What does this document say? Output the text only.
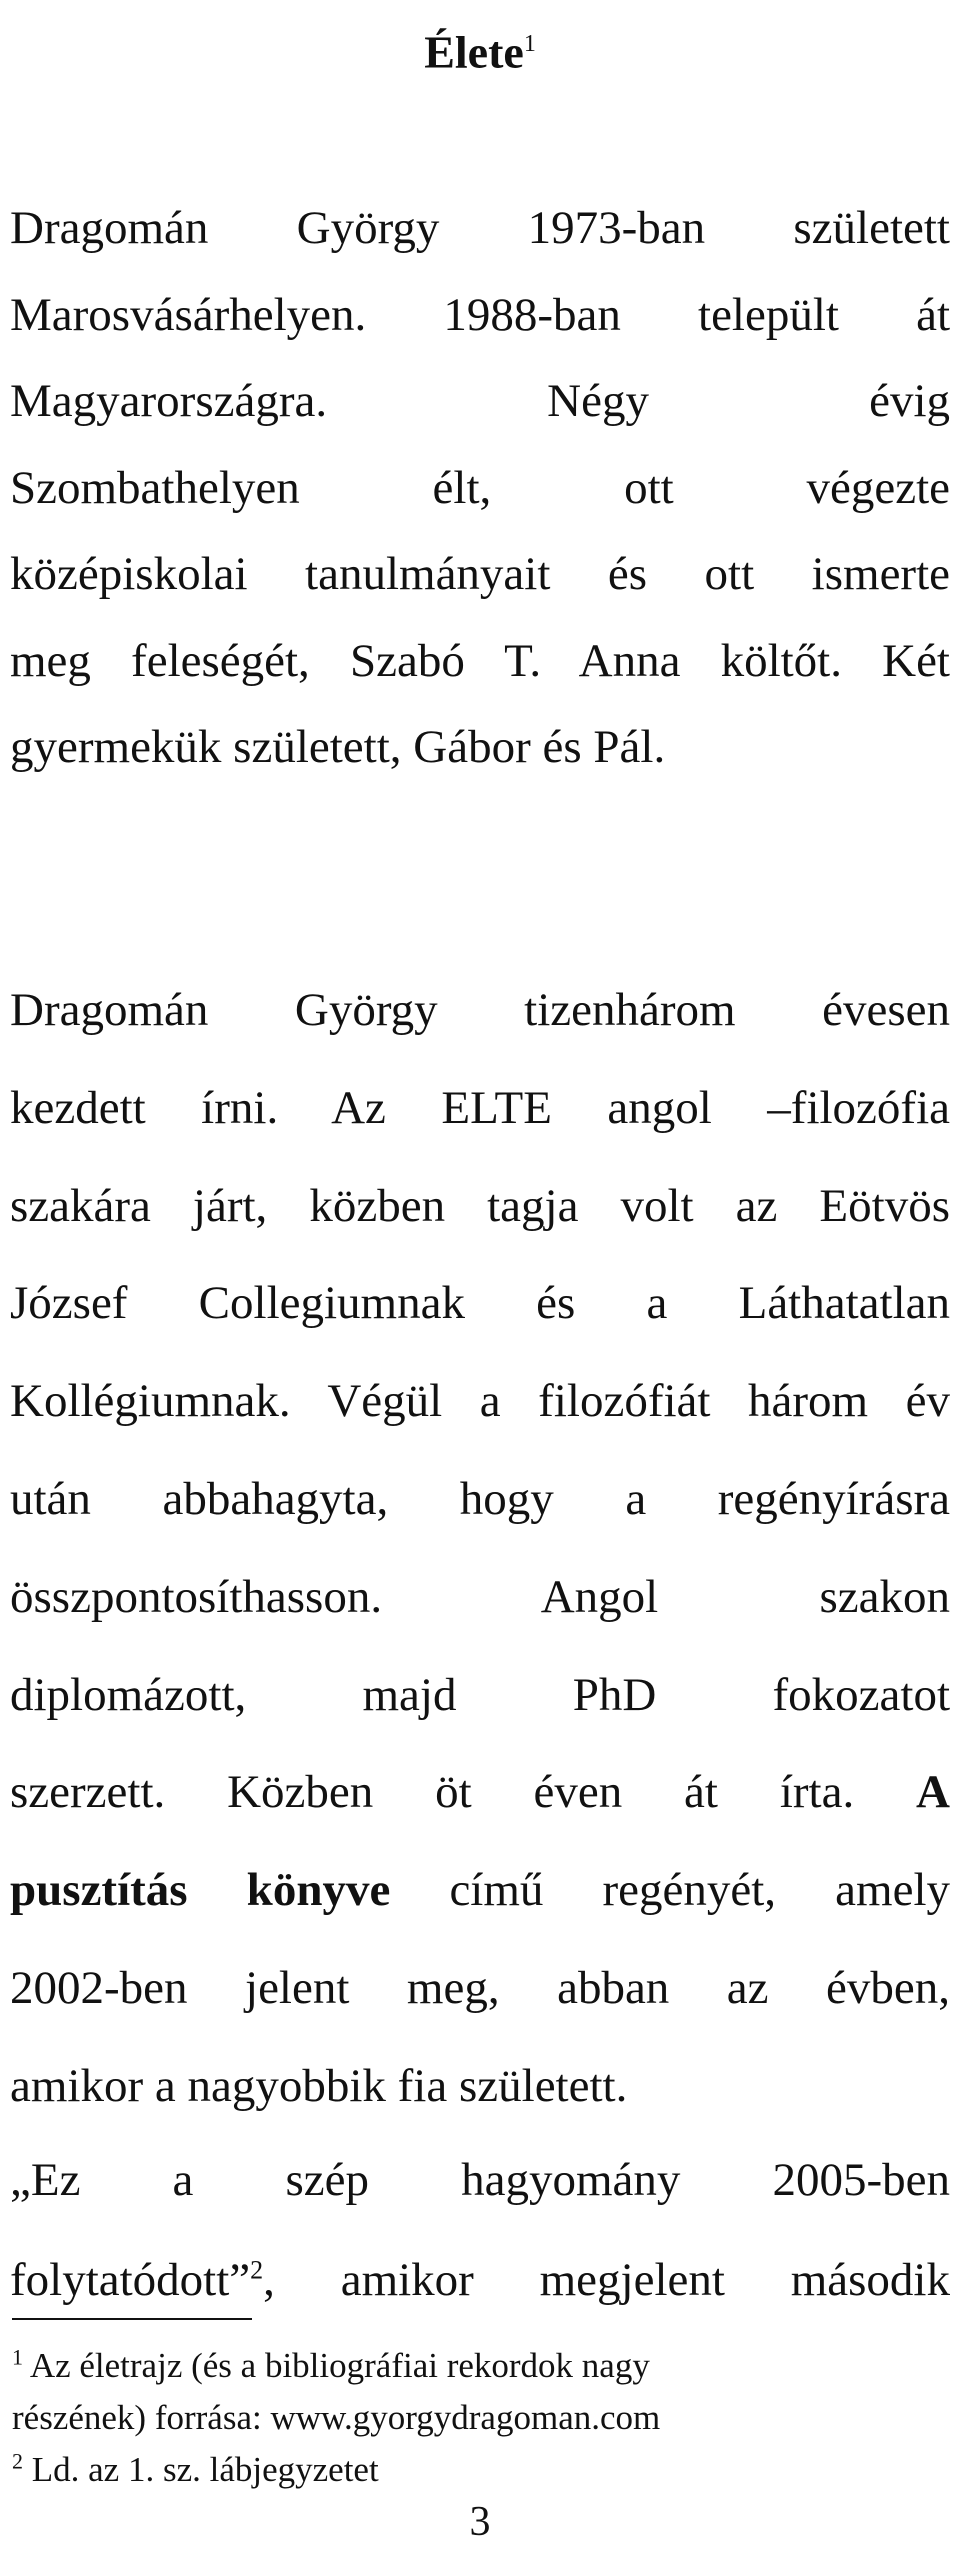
Élete$^1$
Dragomán György 1973-ban született
Marosvásárhelyen. 1988-ban települt át
Magyarországra. Négy évig
Szombathelyen élt, ott végezte
középiskolai tanulmányait és ott ismerte
meg feleségét, Szabó T. Anna költőt. Két
gyermekük született, Gábor és Pál.
Dragomán György tizenhárom évesen
kezdett írni. Az ELTE angol –filozófia
szakára járt, közben tagja volt az Eötvös
József Collegiumnak és a Láthatatlan
Kollégiumnak. Végül a filozófiát három év
után abbahagyta, hogy a regényírásra
összpontosíthasson. Angol szakon
diplomázott, majd PhD fokozatot
szerzett. Közben öt éven át írta. A
pusztítás könyve című regényét, amely
2002-ben jelent meg, abban az évben,
amikor a nagyobbik fia született.
„Ez a szép hagyomány 2005-ben
folytatódott”$^2$, amikor megjelent második
$^1$ Az életrajz (és a bibliográfiai rekordok nagy
részének) forrása: www.gyorgydragoman.com
$^2$ Ld. az 1. sz. lábjegyzetet
3
